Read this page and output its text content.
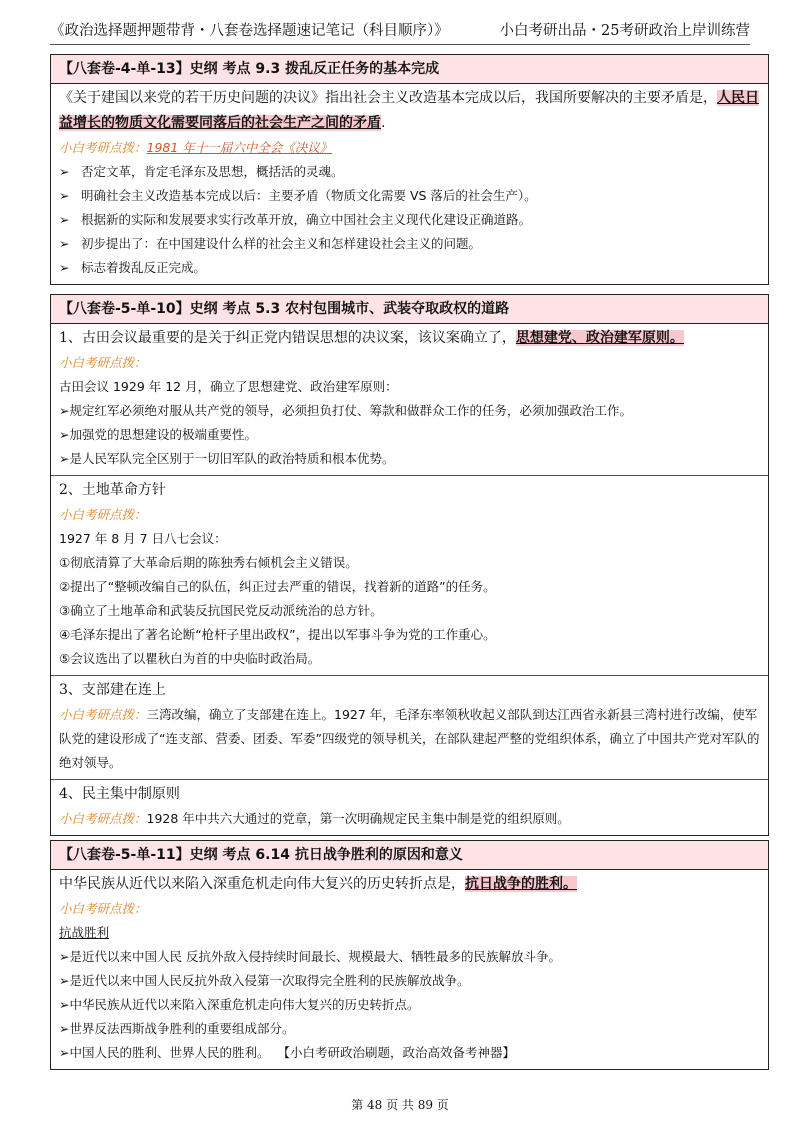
《政治选择题押题带背・八套卷选择题速记笔记（科目顺序）》	小白考研出品・25考研政治上岸训练营
【八套卷-4-单-13】史纲 考点 9.3 拨乱反正任务的基本完成
《关于建国以来党的若干历史问题的决议》指出社会主义改造基本完成以后，我国所要解决的主要矛盾是，人民日益增长的物质文化需要同落后的社会生产之间的矛盾.
小白考研点拨：1981 年十一届六中全会《决议》
➢ 否定文革，肯定毛泽东及思想，概括活的灵魂。
➢ 明确社会主义改造基本完成以后：主要矛盾（物质文化需要 VS 落后的社会生产）。
➢ 根据新的实际和发展要求实行改革开放，确立中国社会主义现代化建设正确道路。
➢ 初步提出了：在中国建设什么样的社会主义和怎样建设社会主义的问题。
➢ 标志着拨乱反正完成。
【八套卷-5-单-10】史纲 考点 5.3 农村包围城市、武装夺取政权的道路
1、古田会议最重要的是关于纠正党内错误思想的决议案，该议案确立了，思想建党、政治建军原则。
小白考研点拨：
古田会议 1929 年 12 月，确立了思想建党、政治建军原则：
➢规定红军必须绝对服从共产党的领导，必须担负打仗、筹款和做群众工作的任务，必须加强政治工作。
➢加强党的思想建设的极端重要性。
➢是人民军队完全区别于一切旧军队的政治特质和根本优势。
2、土地革命方针
小白考研点拨：
1927 年 8 月 7 日八七会议：
①彻底清算了大革命后期的陈独秀右倾机会主义错误。
②提出了“整顿改编自己的队伍，纠正过去严重的错误，找着新的道路”的任务。
③确立了土地革命和武装反抗国民党反动派统治的总方针。
④毛泽东提出了著名论断“枪杆子里出政权”，提出以军事斗争为党的工作重心。
⑤会议选出了以瞿秋白为首的中央临时政治局。
3、支部建在连上
小白考研点拨：三湾改编，确立了支部建在连上。1927 年，毛泽东率领秋收起义部队到达江西省永新县三湾村进行改编，使军队党的建设形成了“连支部、营委、团委、军委”四级党的领导机关，在部队建起严整的党组织体系，确立了中国共产党对军队的绝对领导。
4、民主集中制原则
小白考研点拨：1928 年中共六大通过的党章，第一次明确规定民主集中制是党的组织原则。
【八套卷-5-单-11】史纲 考点 6.14 抗日战争胜利的原因和意义
中华民族从近代以来陷入深重危机走向伟大复兴的历史转折点是，抗日战争的胜利。
小白考研点拨：
抗战胜利
➢是近代以来中国人民 反抗外敌入侵持续时间最长、规模最大、牺牲最多的民族解放斗争。
➢是近代以来中国人民反抗外敌入侵第一次取得完全胜利的民族解放战争。
➢中华民族从近代以来陷入深重危机走向伟大复兴的历史转折点。
➢世界反法西斯战争胜利的重要组成部分。
➢中国人民的胜利、世界人民的胜利。 【小白考研政治刷题，政治高效备考神器】
第 48 页 共 89 页
